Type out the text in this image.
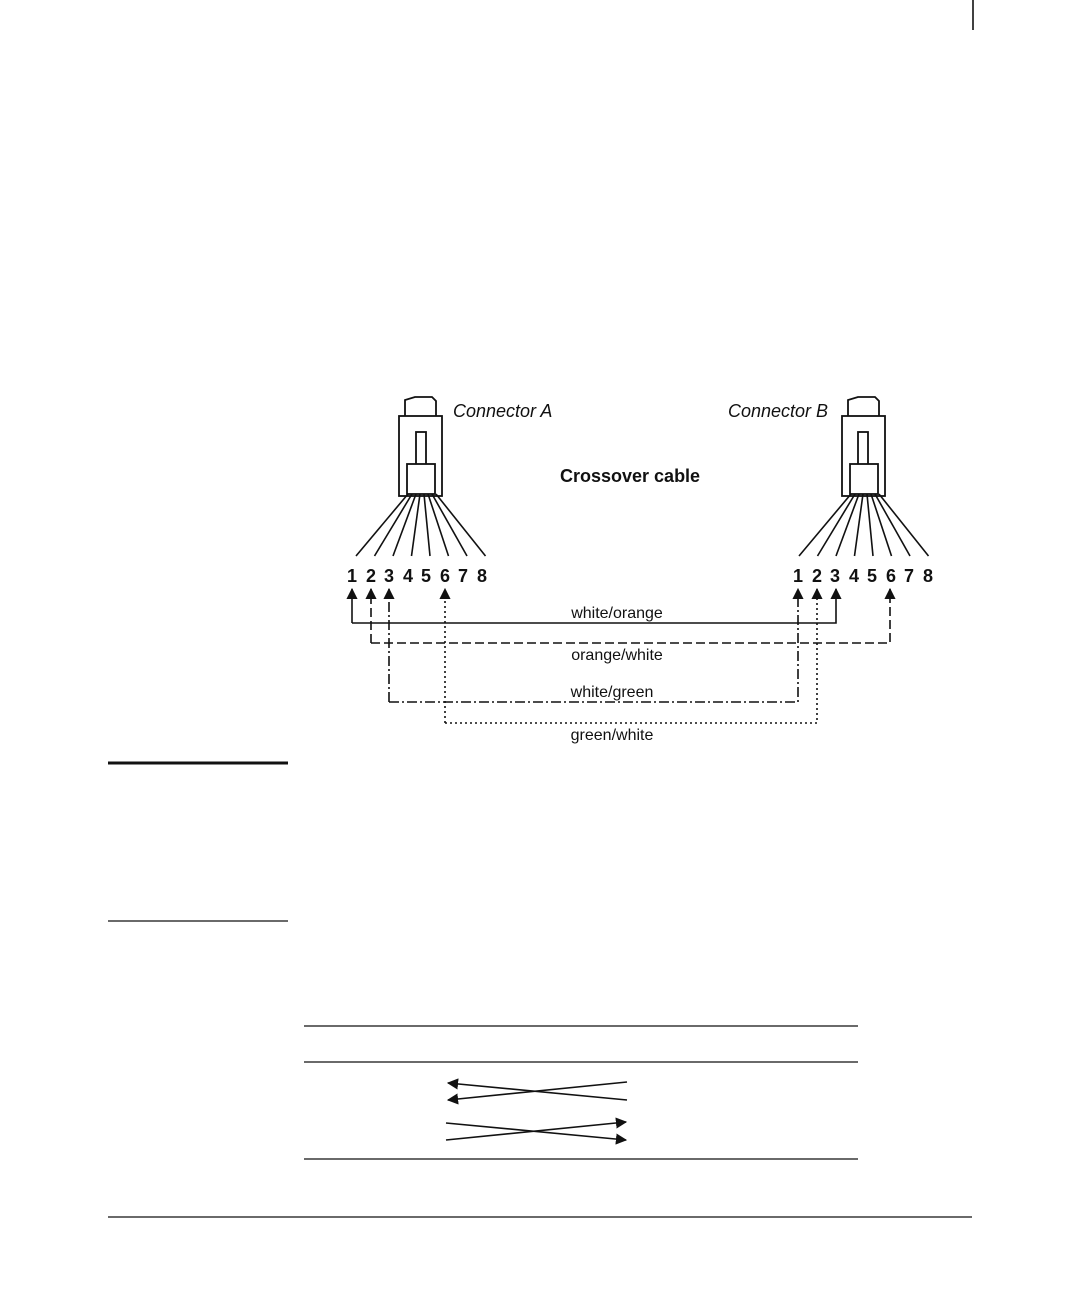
Connector A	Connector B
Crossover cable
1 2 3 4 5 6 7 8	1 2 3 4 5 6 7 8
white/orange
orange/white
white/green
green/white
